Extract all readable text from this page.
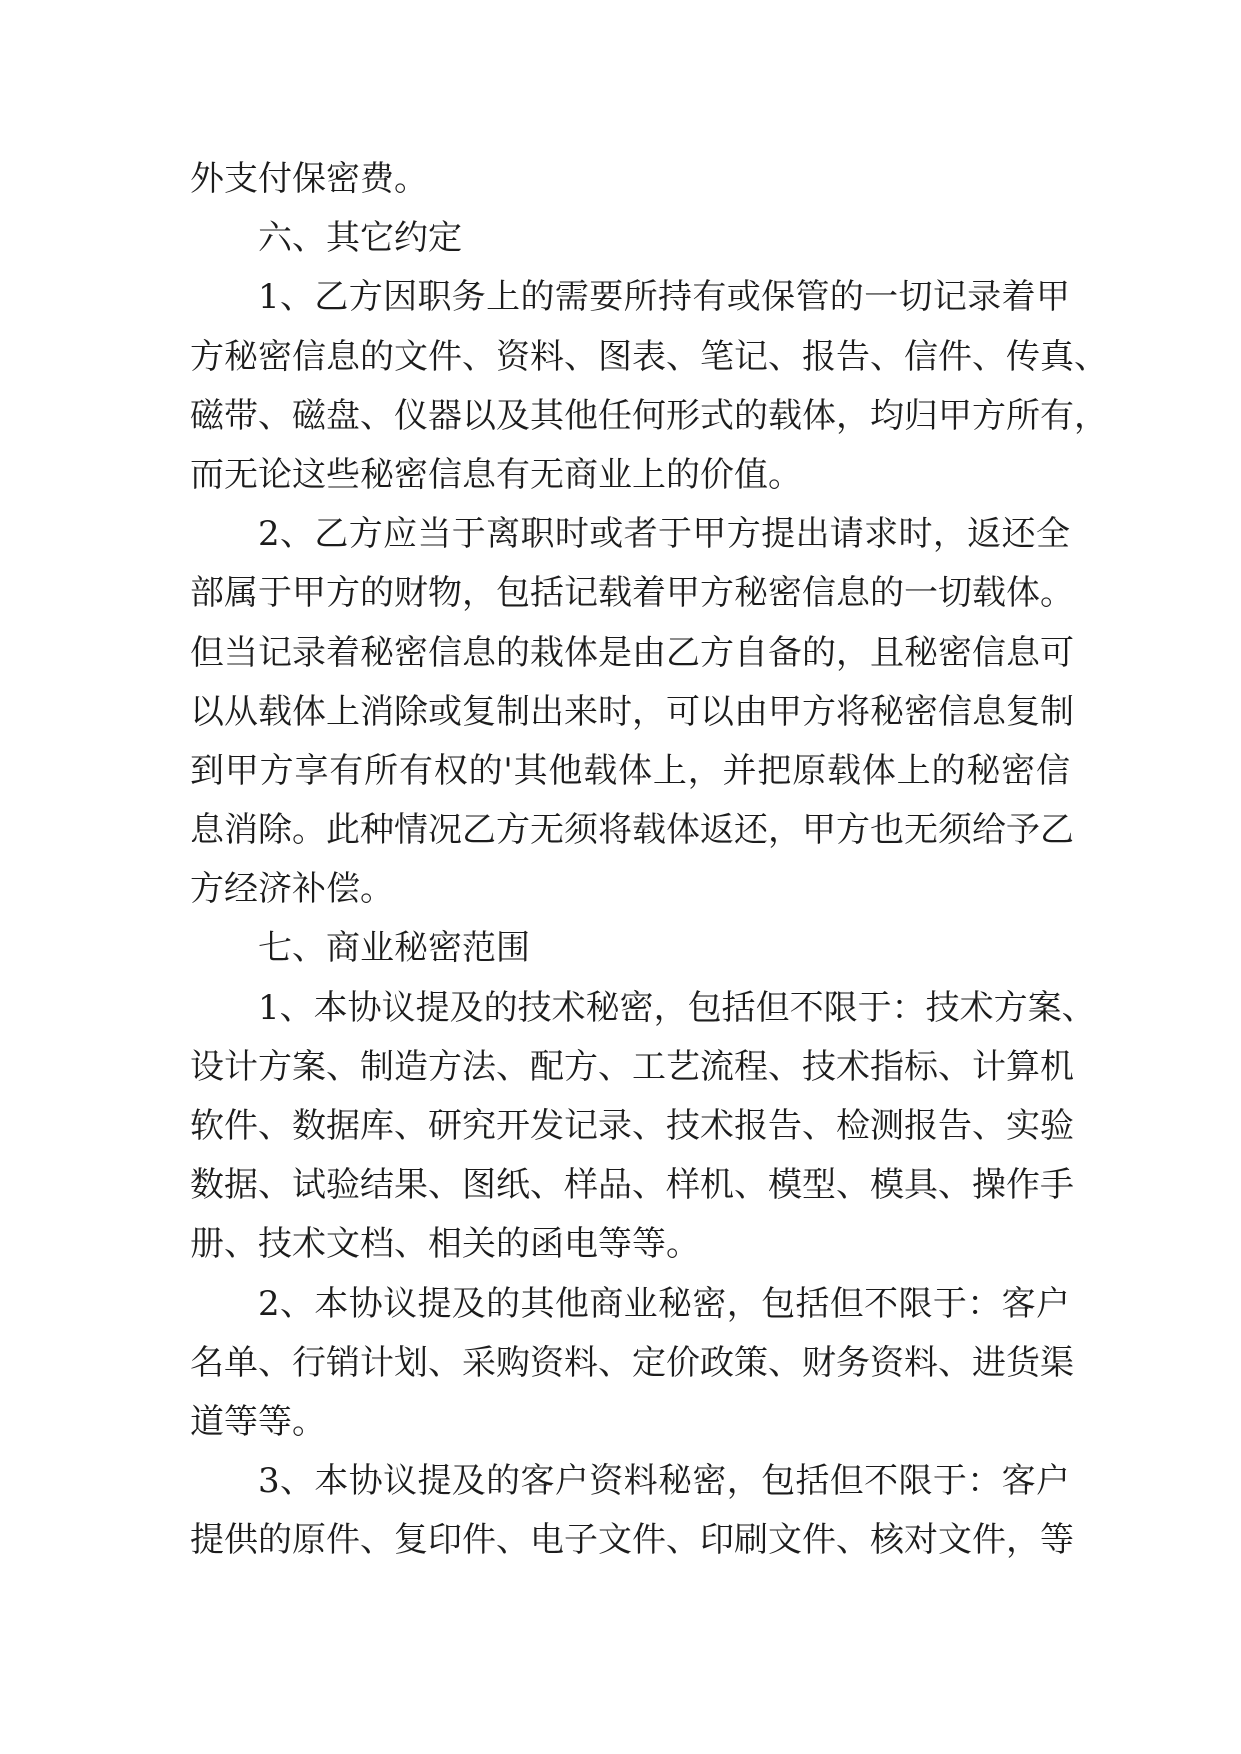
外支付保密费。
六、其它约定
1、乙方因职务上的需要所持有或保管的一切记录着甲
方秘密信息的文件、资料、图表、笔记、报告、信件、传真、
磁带、磁盘、仪器以及其他任何形式的载体，均归甲方所有，
而无论这些秘密信息有无商业上的价值。
2、乙方应当于离职时或者于甲方提出请求时，返还全
部属于甲方的财物，包括记载着甲方秘密信息的一切载体。
但当记录着秘密信息的栽体是由乙方自备的，且秘密信息可
以从载体上消除或复制出来时，可以由甲方将秘密信息复制
到甲方享有所有权的'其他载体上，并把原载体上的秘密信
息消除。此种情况乙方无须将载体返还，甲方也无须给予乙
方经济补偿。
七、商业秘密范围
1、本协议提及的技术秘密，包括但不限于：技术方案、
设计方案、制造方法、配方、工艺流程、技术指标、计算机
软件、数据库、研究开发记录、技术报告、检测报告、实验
数据、试验结果、图纸、样品、样机、模型、模具、操作手
册、技术文档、相关的函电等等。
2、本协议提及的其他商业秘密，包括但不限于：客户
名单、行销计划、采购资料、定价政策、财务资料、进货渠
道等等。
3、本协议提及的客户资料秘密，包括但不限于：客户
提供的原件、复印件、电子文件、印刷文件、核对文件，等
